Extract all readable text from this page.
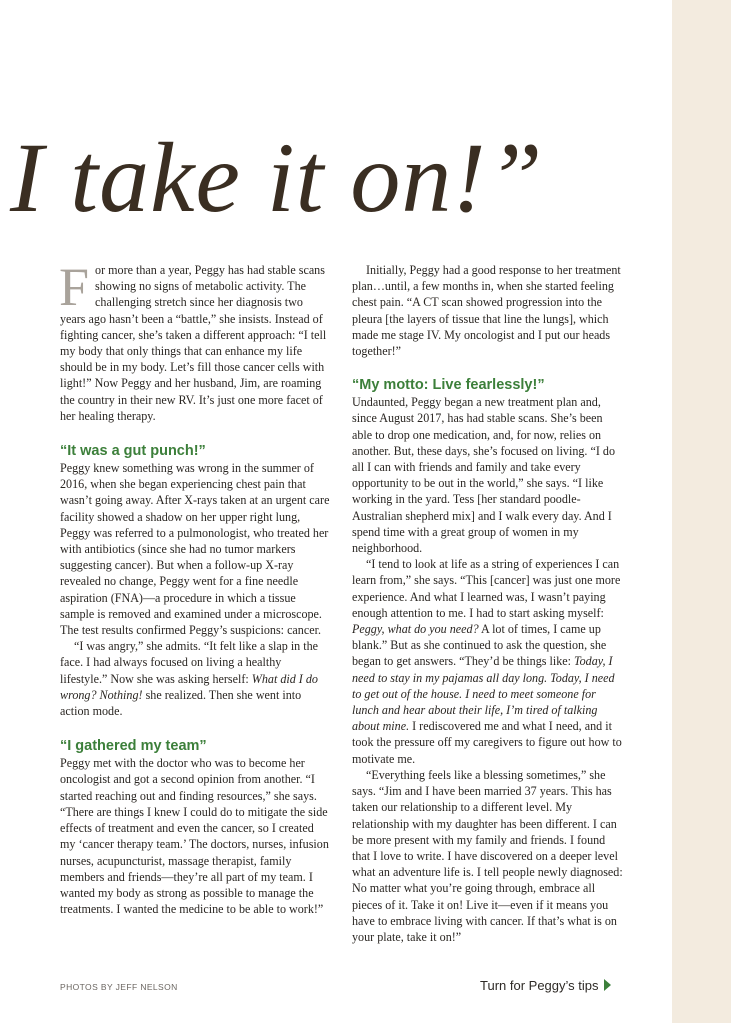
I take it on!”

For more than a year, Peggy has had stable scans showing no signs of metabolic activity. The challenging stretch since her diagnosis two years ago hasn’t been a “battle,” she insists. Instead of fighting cancer, she’s taken a different approach: “I tell my body that only things that can enhance my life should be in my body. Let’s fill those cancer cells with light!” Now Peggy and her husband, Jim, are roaming the country in their new RV. It’s just one more facet of her healing therapy.

“It was a gut punch!”

Peggy knew something was wrong in the summer of 2016, when she began experiencing chest pain that wasn’t going away. After X-rays taken at an urgent care facility showed a shadow on her upper right lung, Peggy was referred to a pulmonologist, who treated her with antibiotics (since she had no tumor markers suggesting cancer). But when a follow-up X-ray revealed no change, Peggy went for a fine needle aspiration (FNA)—a procedure in which a tissue sample is removed and examined under a microscope. The test results confirmed Peggy’s suspicions: cancer.

“I was angry,” she admits. “It felt like a slap in the face. I had always focused on living a healthy lifestyle.” Now she was asking herself: What did I do wrong? Nothing! she realized. Then she went into action mode.

“I gathered my team”

Peggy met with the doctor who was to become her oncologist and got a second opinion from another. “I started reaching out and finding resources,” she says. “There are things I knew I could do to mitigate the side effects of treatment and even the cancer, so I created my ‘cancer therapy team.’ The doctors, nurses, infusion nurses, acupuncturist, massage therapist, family members and friends—they’re all part of my team. I wanted my body as strong as possible to manage the treatments. I wanted the medicine to be able to work!”

Initially, Peggy had a good response to her treatment plan…until, a few months in, when she started feeling chest pain. “A CT scan showed progression into the pleura [the layers of tissue that line the lungs], which made me stage IV. My oncologist and I put our heads together!”

“My motto: Live fearlessly!”

Undaunted, Peggy began a new treatment plan and, since August 2017, has had stable scans. She’s been able to drop one medication, and, for now, relies on another. But, these days, she’s focused on living. “I do all I can with friends and family and take every opportunity to be out in the world,” she says. “I like working in the yard. Tess [her standard poodle-Australian shepherd mix] and I walk every day. And I spend time with a great group of women in my neighborhood.

“I tend to look at life as a string of experiences I can learn from,” she says. “This [cancer] was just one more experience. And what I learned was, I wasn’t paying enough attention to me. I had to start asking myself: Peggy, what do you need? A lot of times, I came up blank.” But as she continued to ask the question, she began to get answers. “They’d be things like: Today, I need to stay in my pajamas all day long. Today, I need to get out of the house. I need to meet someone for lunch and hear about their life, I’m tired of talking about mine. I rediscovered me and what I need, and it took the pressure off my caregivers to figure out how to motivate me.

“Everything feels like a blessing sometimes,” she says. “Jim and I have been married 37 years. This has taken our relationship to a different level. My relationship with my daughter has been different. I can be more present with my family and friends. I found that I love to write. I have discovered on a deeper level what an adventure life is. I tell people newly diagnosed: No matter what you’re going through, embrace all pieces of it. Take it on! Live it—even if it means you have to embrace living with cancer. If that’s what is on your plate, take it on!”

PHOTOS BY JEFF NELSON	Turn for Peggy’s tips
